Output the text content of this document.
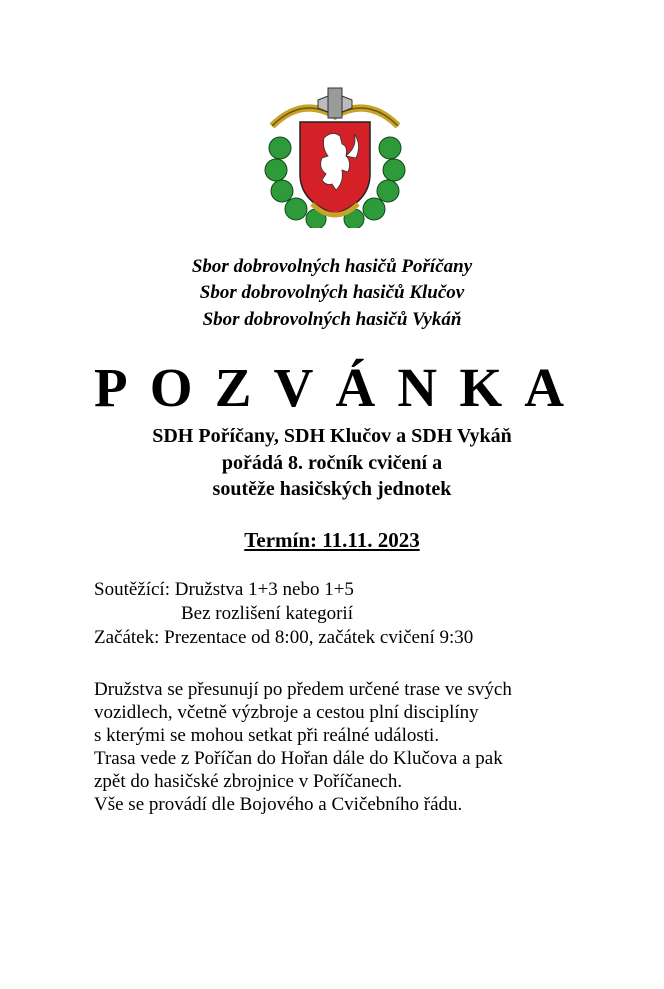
Sbor dobrovolných hasičů Poříčany
Sbor dobrovolných hasičů Klučov
Sbor dobrovolných hasičů Vykáň
P O Z V Á N K A
SDH Poříčany, SDH Klučov a SDH Vykáň
pořádá 8. ročník cvičení a
soutěže hasičských jednotek
Termín: 11.11. 2023
Soutěžící: Družstva 1+3 nebo 1+5
Bez rozlišení kategorií
Začátek: Prezentace od 8:00, začátek cvičení 9:30
Družstva se přesunují po předem určené trase ve svých
vozidlech, včetně výzbroje a cestou plní disciplíny
s kterými se mohou setkat při reálné události.
Trasa vede z Poříčan do Hořan dále do Klučova a pak
zpět do hasičské zbrojnice v Poříčanech.
Vše se provádí dle Bojového a Cvičebního řádu.
